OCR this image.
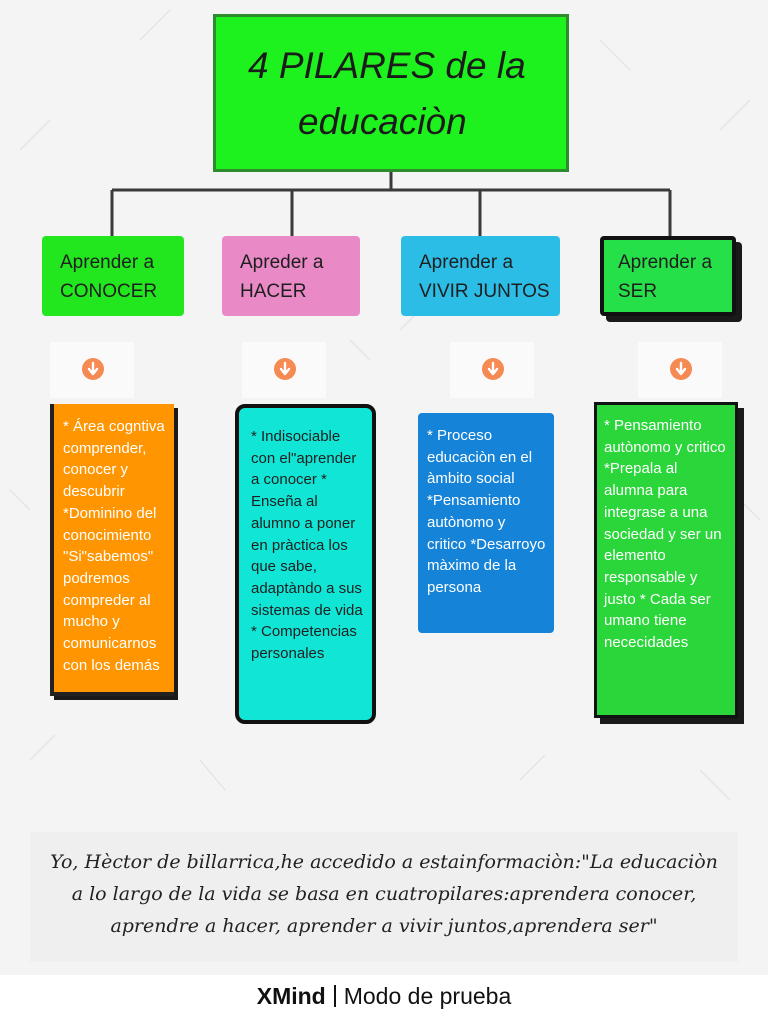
4 PILARES de la
educaciòn
Aprender a
CONOCER
Apreder a
HACER
Aprender a
VIVIR JUNTOS
Aprender a
SER

* Área cogntiva comprender, conocer y descubrir *Dominino del conocimiento "Si"sabemos" podremos compreder al mucho y comunicarnos con los demás

* Indisociable con el"aprender a conocer * Enseña al alumno a poner en pràctica los que sabe, adaptàndo a sus sistemas de vida * Competencias personales

* Proceso educaciòn en el àmbito social *Pensamiento autònomo y critico *Desarroyo màximo de la persona

* Pensamiento autònomo y critico *Prepala al alumna para integrase a una sociedad y ser un elemento responsable y justo * Cada ser umano tiene nececidades

Yo, Hèctor de billarrica,he accedido a estainformaciòn:"La educaciòn a lo largo de la vida se basa en cuatropilares:aprendera conocer, aprendre a hacer, aprender a vivir juntos,aprendera ser"
XMind Modo de prueba
